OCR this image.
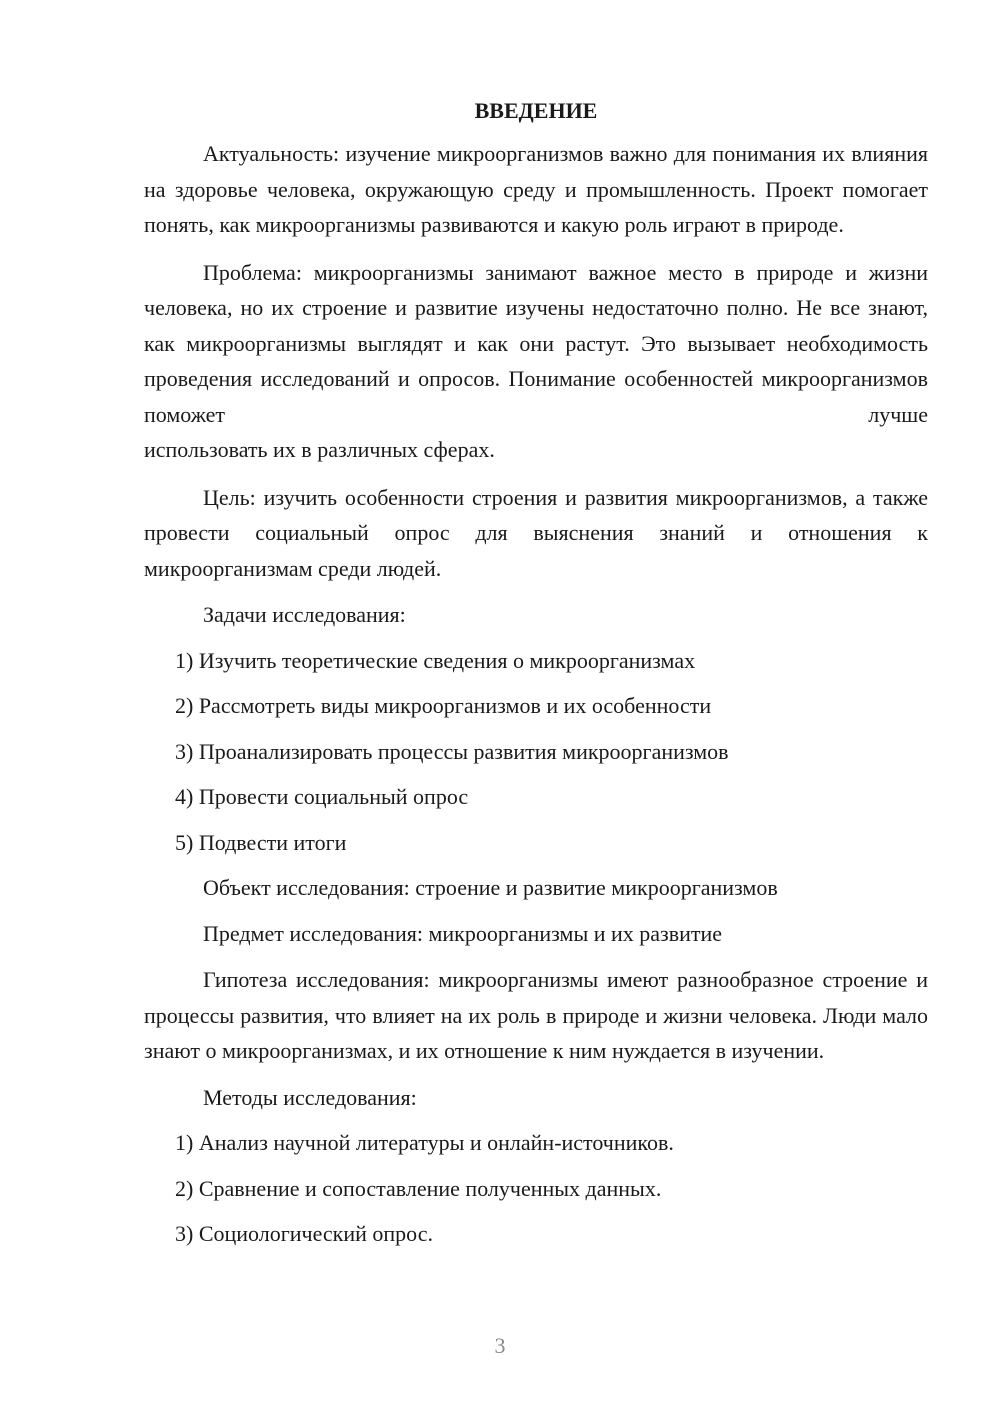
ВВЕДЕНИЕ

Актуальность: изучение микроорганизмов важно для понимания их влияния на здоровье человека, окружающую среду и промышленность. Проект помогает понять, как микроорганизмы развиваются и какую роль играют в природе.

Проблема: микроорганизмы занимают важное место в природе и жизни человека, но их строение и развитие изучены недостаточно полно. Не все знают, как микроорганизмы выглядят и как они растут. Это вызывает необходимость проведения исследований и опросов. Понимание особенностей микроорганизмов поможет лучше

использовать их в различных сферах.

Цель: изучить особенности строения и развития микроорганизмов, а также провести социальный опрос для выяснения знаний и отношения к микроорганизмам среди людей.

Задачи исследования:
1) Изучить теоретические сведения о микроорганизмах
2) Рассмотреть виды микроорганизмов и их особенности
3) Проанализировать процессы развития микроорганизмов
4) Провести социальный опрос
5) Подвести итоги
Объект исследования: строение и развитие микроорганизмов
Предмет исследования: микроорганизмы и их развитие

Гипотеза исследования: микроорганизмы имеют разнообразное строение и процессы развития, что влияет на их роль в природе и жизни человека. Люди мало знают о микроорганизмах, и их отношение к ним нуждается в изучении.

Методы исследования:
1) Анализ научной литературы и онлайн-источников.
2) Сравнение и сопоставление полученных данных.
3) Социологический опрос.
3
